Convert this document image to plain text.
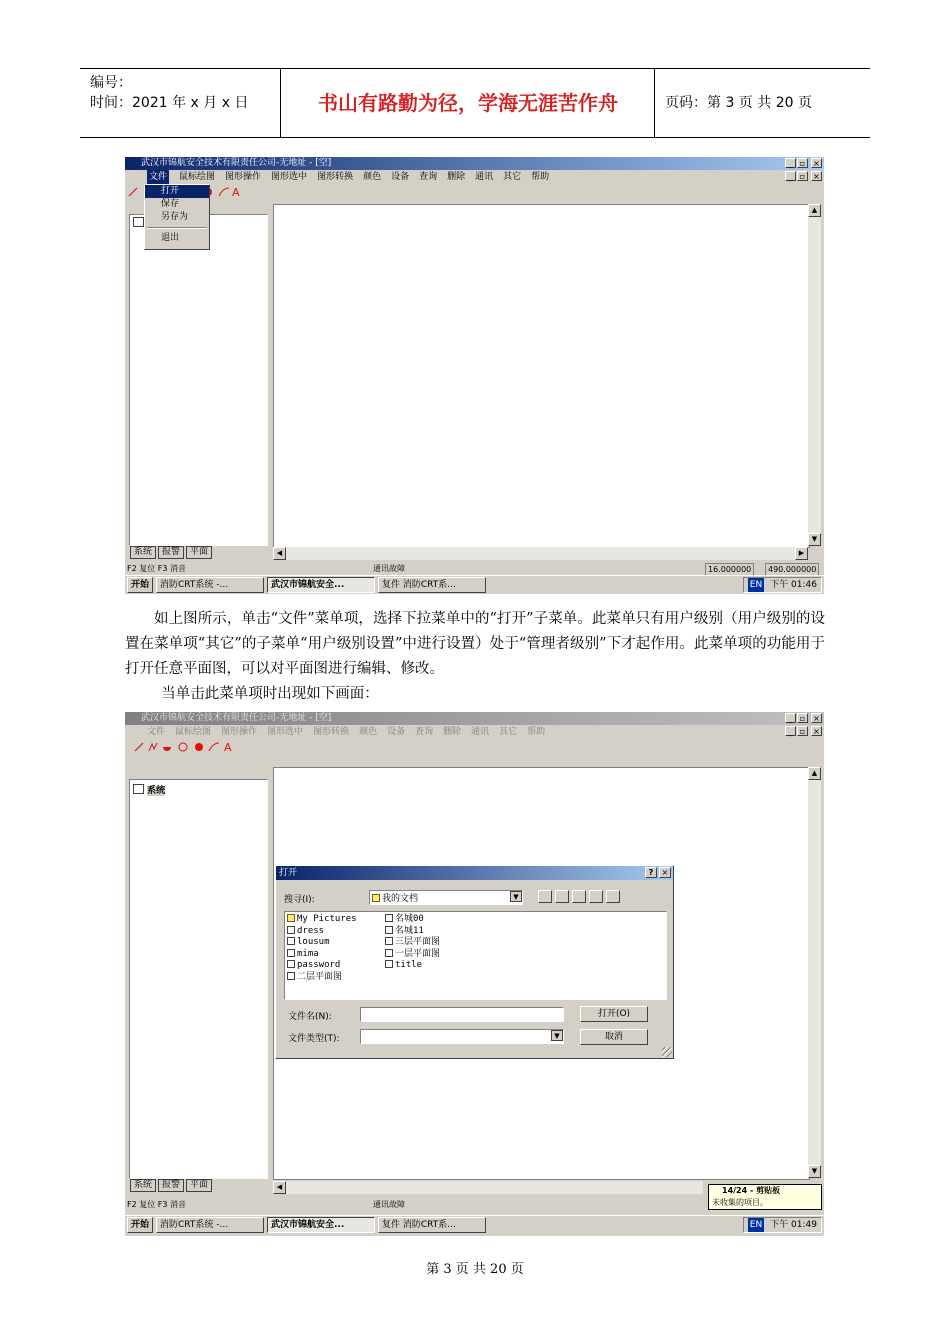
编号：
时间：2021 年 x 月 x 日	书山有路勤为径，学海无涯苦作舟	页码：第 3 页 共 20 页
武汉市锦航安全技术有限责任公司-无地址 - [空]	_ ▫ ×
文件 鼠标绘图 图形操作 图形选中 图形转换 颜色 设备 查询 删除 通讯 其它 帮助	_ ▫ ×
A
系统	报警	平面
▲
▼
◀	▶
F2 复位 F3 消音	通讯故障	16.000000	490.000000
开始	消防CRT系统 -...	武汉市锦航安全...	复件 消防CRT系...	EN 下午 01:46
打开
保存
另存为
退出
如上图所示，单击“文件”菜单项，选择下拉菜单中的“打开”子菜单。此菜单只有用户级别（用户级别的设置在菜单项“其它”的子菜单“用户级别设置”中进行设置）处于“管理者级别”下才起作用。此菜单项的功能用于打开任意平面图，可以对平面图进行编辑、修改。
当单击此菜单项时出现如下画面：
武汉市锦航安全技术有限责任公司-无地址 - [空]	_ ▫ ×
文件 鼠标绘图 图形操作 图形选中 图形转换 颜色 设备 查询 删除 通讯 其它 帮助	_ ▫ ×
A
系统
系统	报警	平面
▲
▼
◀	14/24 - 剪贴板
未收集的项目。
F2 复位 F3 消音	通讯故障
开始	消防CRT系统 -...	武汉市锦航安全...	复件 消防CRT系...	EN 下午 01:49
打开	?	×
搜寻(I):	我的文档	▼
My Pictures
dress
lousum
mima
password
二层平面图
名城00
名城11
三层平面图
一层平面图
title
文件名(N):
文件类型(T):	▼
打开(O)
取消
第 3 页 共 20 页
